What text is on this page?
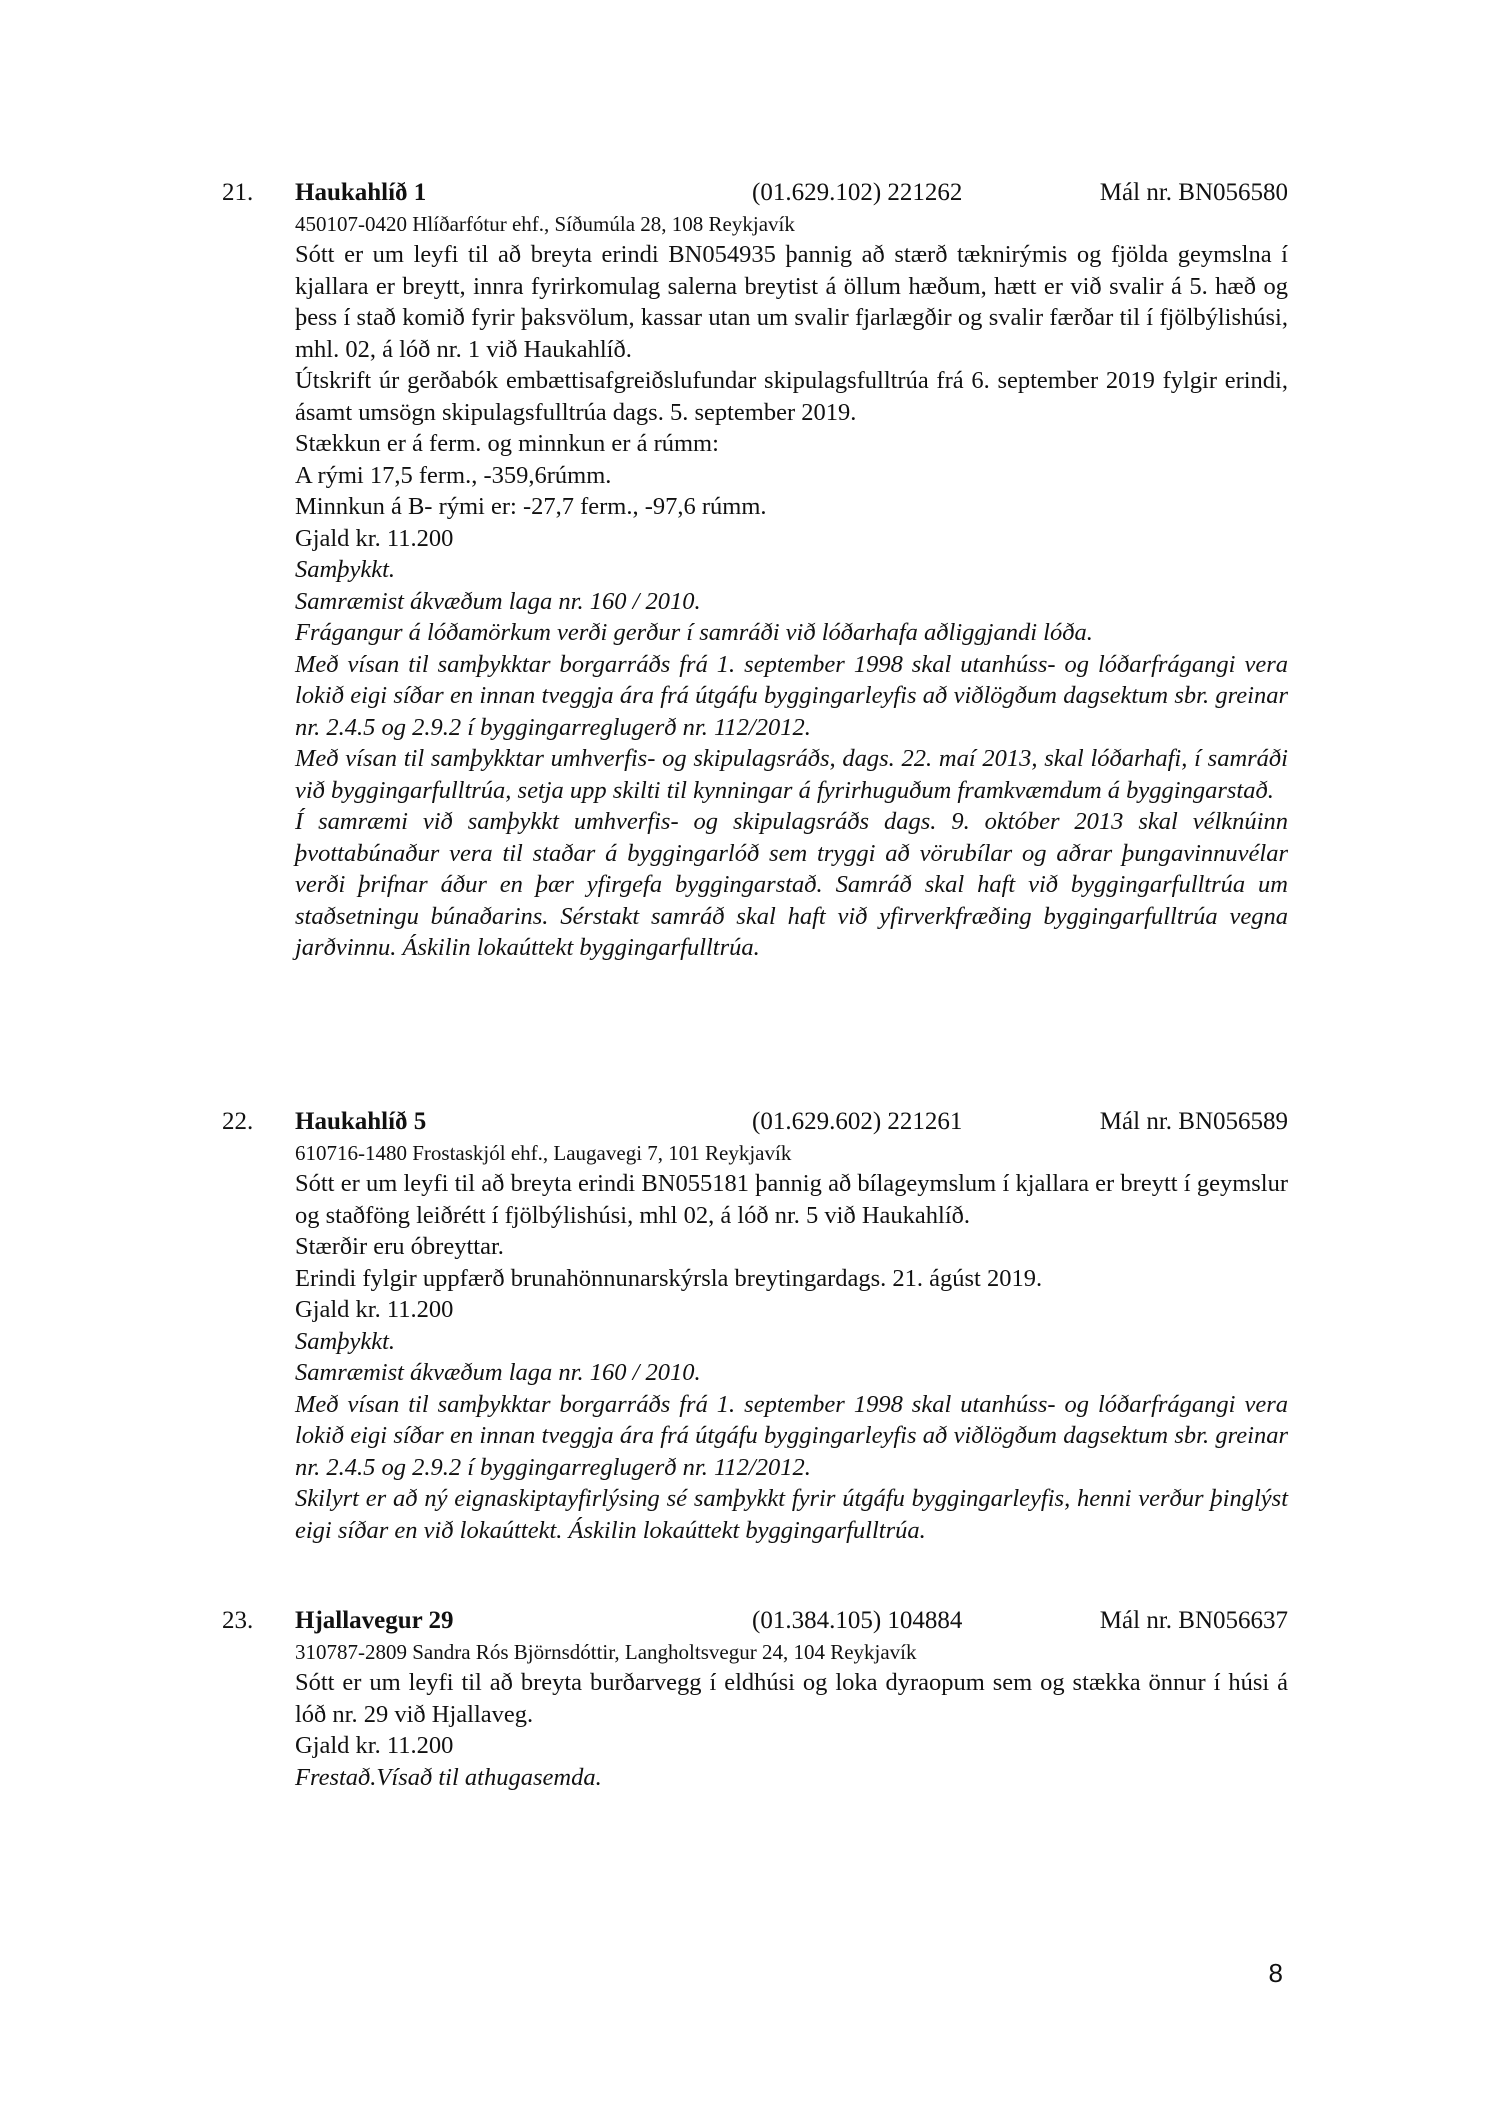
21. Haukahlíð 1	(01.629.102) 221262	Mál nr. BN056580
450107-0420 Hlíðarfótur ehf., Síðumúla 28, 108 Reykjavík
Sótt er um leyfi til að breyta erindi BN054935 þannig að stærð tæknirýmis og fjölda geymslna í kjallara er breytt, innra fyrirkomulag salerna breytist á öllum hæðum, hætt er við svalir á 5. hæð og þess í stað komið fyrir þaksvölum, kassar utan um svalir fjarlægðir og svalir færðar til í fjölbýlishúsi, mhl. 02, á lóð nr. 1 við Haukahlíð.
Útskrift úr gerðabók embættisafgreiðslufundar skipulagsfulltrúa frá 6. september 2019 fylgir erindi, ásamt umsögn skipulagsfulltrúa dags. 5. september 2019.
Stækkun er á ferm. og minnkun er á rúmm:
A rými 17,5 ferm., -359,6rúmm.
Minnkun á B- rými er: -27,7 ferm., -97,6 rúmm.
Gjald kr. 11.200
Samþykkt.
Samræmist ákvæðum laga nr. 160 / 2010.
Frágangur á lóðamörkum verði gerður í samráði við lóðarhafa aðliggjandi lóða.
Með vísan til samþykktar borgarráðs frá 1. september 1998 skal utanhúss- og lóðarfrágangi vera lokið eigi síðar en innan tveggja ára frá útgáfu byggingarleyfis að viðlögðum dagsektum sbr. greinar nr. 2.4.5 og 2.9.2 í byggingarreglugerð nr. 112/2012.
Með vísan til samþykktar umhverfis- og skipulagsráðs, dags. 22. maí 2013, skal lóðarhafi, í samráði við byggingarfulltrúa, setja upp skilti til kynningar á fyrirhuguðum framkvæmdum á byggingarstað.
Í samræmi við samþykkt umhverfis- og skipulagsráðs dags. 9. október 2013 skal vélknúinn þvottabúnaður vera til staðar á byggingarlóð sem tryggi að vörubílar og aðrar þungavinnuvélar verði þrifnar áður en þær yfirgefa byggingarstað. Samráð skal haft við byggingarfulltrúa um staðsetningu búnaðarins. Sérstakt samráð skal haft við yfirverkfræðing byggingarfulltrúa vegna jarðvinnu. Áskilin lokaúttekt byggingarfulltrúa.
22. Haukahlíð 5	(01.629.602) 221261	Mál nr. BN056589
610716-1480 Frostaskjól ehf., Laugavegi 7, 101 Reykjavík
Sótt er um leyfi til að breyta erindi BN055181 þannig að bílageymslum í kjallara er breytt í geymslur og staðföng leiðrétt í fjölbýlishúsi, mhl 02, á lóð nr. 5 við Haukahlíð.
Stærðir eru óbreyttar.
Erindi fylgir uppfærð brunahönnunarskýrsla breytingardags. 21. ágúst 2019.
Gjald kr. 11.200
Samþykkt.
Samræmist ákvæðum laga nr. 160 / 2010.
Með vísan til samþykktar borgarráðs frá 1. september 1998 skal utanhúss- og lóðarfrágangi vera lokið eigi síðar en innan tveggja ára frá útgáfu byggingarleyfis að viðlögðum dagsektum sbr. greinar nr. 2.4.5 og 2.9.2 í byggingarreglugerð nr. 112/2012.
Skilyrt er að ný eignaskiptayfirlýsing sé samþykkt fyrir útgáfu byggingarleyfis, henni verður þinglýst eigi síðar en við lokaúttekt. Áskilin lokaúttekt byggingarfulltrúa.
23. Hjallavegur 29	(01.384.105) 104884	Mál nr. BN056637
310787-2809 Sandra Rós Björnsdóttir, Langholtsvegur 24, 104 Reykjavík
Sótt er um leyfi til að breyta burðarvegg í eldhúsi og loka dyraopum sem og stækka önnur í húsi á lóð nr. 29 við Hjallaveg.
Gjald kr. 11.200
Frestað.Vísað til athugasemda.
8
